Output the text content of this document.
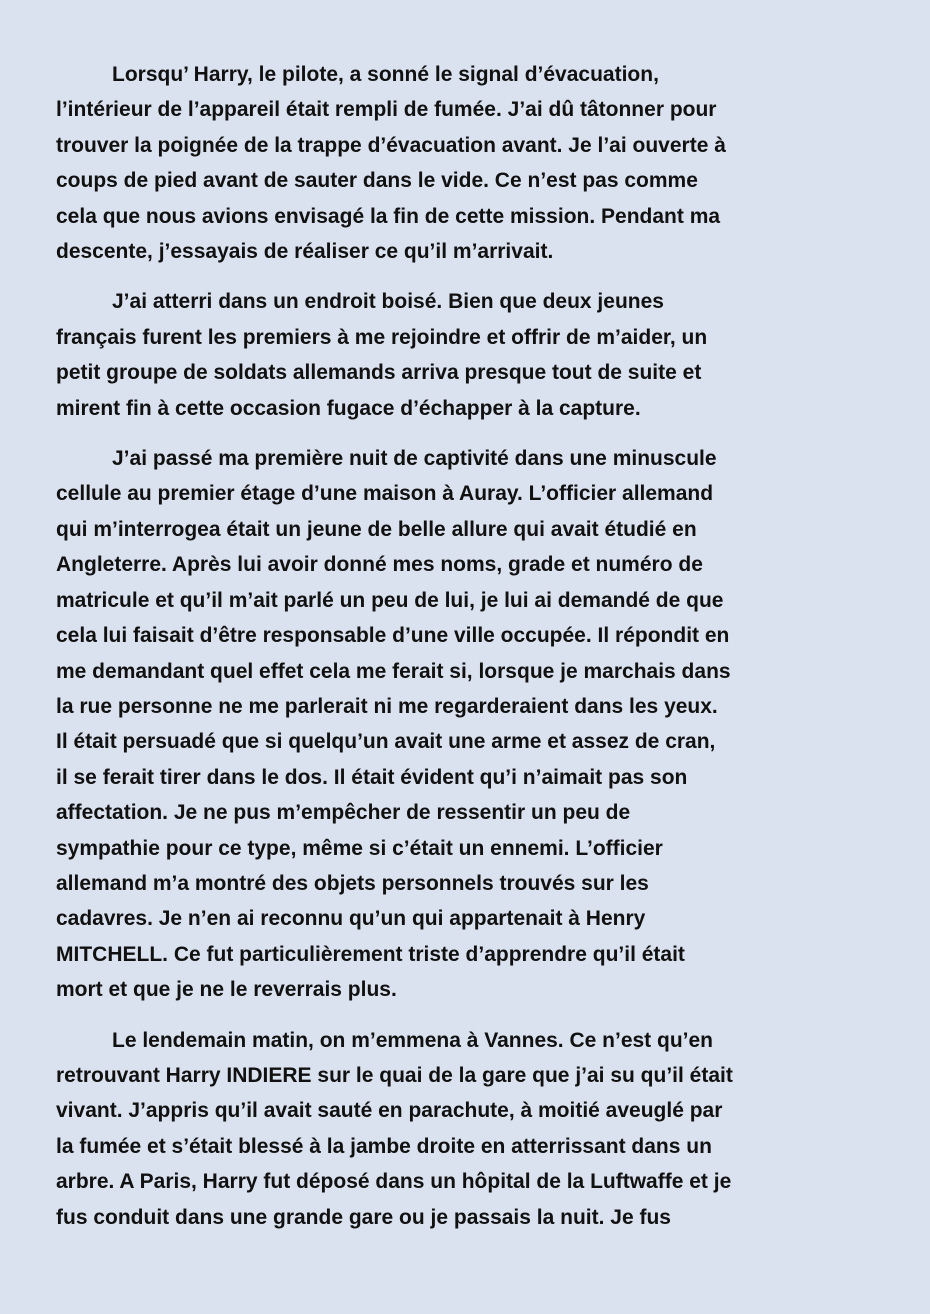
Lorsqu’ Harry, le pilote, a sonné le signal d’évacuation,
l’intérieur de l’appareil était rempli de fumée. J’ai dû tâtonner pour
trouver la poignée de la trappe d’évacuation avant. Je l’ai ouverte à
coups de pied avant de sauter dans le vide. Ce n’est pas comme
cela que nous avions envisagé la fin de cette mission. Pendant ma
descente, j’essayais de réaliser ce qu’il m’arrivait.
J’ai atterri dans un endroit boisé. Bien que deux jeunes
français furent les premiers à me rejoindre et offrir de m’aider, un
petit groupe de soldats allemands arriva presque tout de suite et
mirent fin à cette occasion fugace d’échapper à la capture.
J’ai passé ma première nuit de captivité dans une minuscule
cellule au premier étage d’une maison à Auray. L’officier allemand
qui m’interrogea était un jeune de belle allure qui avait étudié en
Angleterre. Après lui avoir donné mes noms, grade et numéro de
matricule et qu’il m’ait parlé un peu de lui, je lui ai demandé de que
cela lui faisait d’être responsable d’une ville occupée. Il répondit en
me demandant quel effet cela me ferait si, lorsque je marchais dans
la rue personne ne me parlerait ni me regarderaient dans les yeux.
Il était persuadé que si quelqu’un avait une arme et assez de cran,
il se ferait tirer dans le dos. Il était évident qu’i n’aimait pas son
affectation. Je ne pus m’empêcher de ressentir un peu de
sympathie pour ce type, même si c’était un ennemi. L’officier
allemand m’a montré des objets personnels trouvés sur les
cadavres. Je n’en ai reconnu qu’un qui appartenait à Henry
MITCHELL. Ce fut particulièrement triste d’apprendre qu’il était
mort et que je ne le reverrais plus.
Le lendemain matin, on m’emmena à Vannes. Ce n’est qu’en
retrouvant Harry INDIERE sur le quai de la gare que j’ai su qu’il était
vivant. J’appris qu’il avait sauté en parachute, à moitié aveuglé par
la fumée et s’était blessé à la jambe droite en atterrissant dans un
arbre. A Paris, Harry fut déposé dans un hôpital de la Luftwaffe et je
fus conduit dans une grande gare ou je passais la nuit. Je fus
